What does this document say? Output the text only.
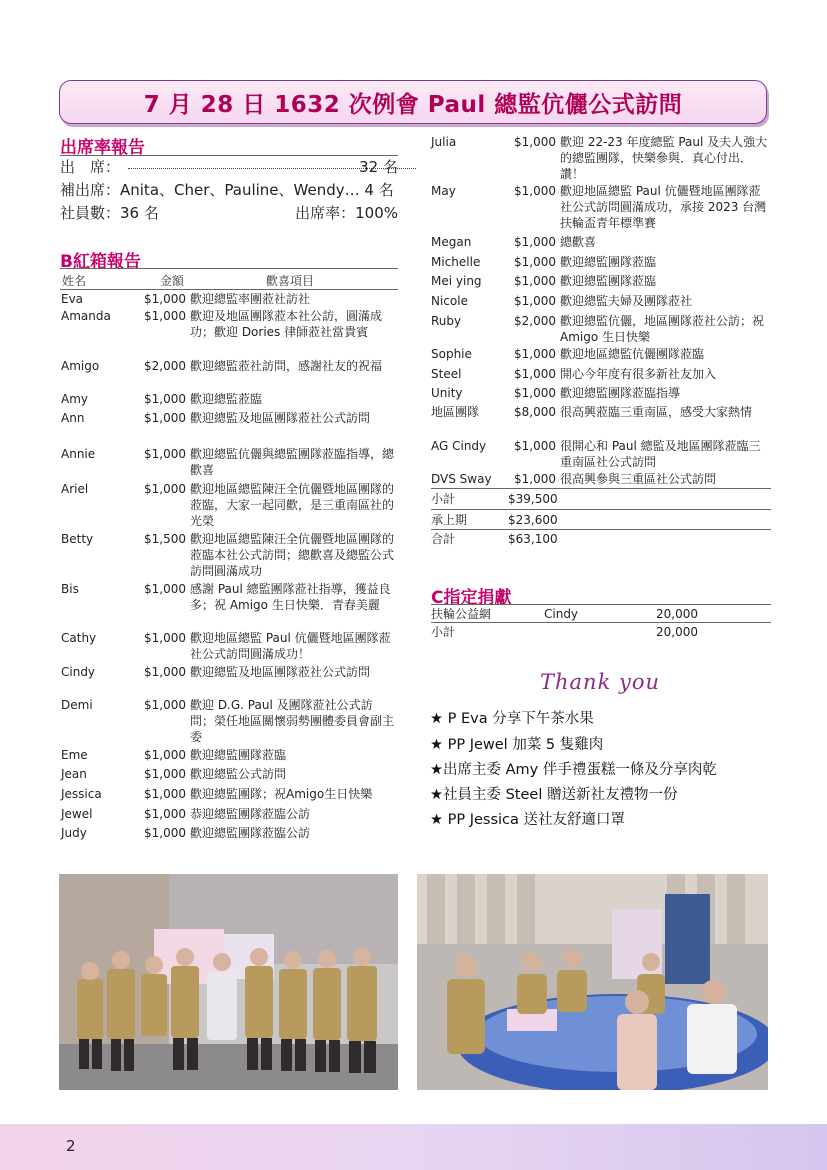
7 月 28 日 1632 次例會 Paul 總監伉儷公式訪問
出席率報告
出　席：	32 名
補出席：Anita、Cher、Pauline、Wendy… 4 名
社員數：36 名	出席率：100%
B紅箱報告
姓名	金額	歡喜項目
Eva	$1,000 歡迎總監率團蒞社訪社
Amanda	$1,000 歡迎及地區團隊蒞本社公訪，圓滿成功；歡迎 Dories 律師蒞社當貴賓
Amigo	$2,000 歡迎總監蒞社訪問，感謝社友的祝福
Amy	$1,000 歡迎總監蒞臨
Ann	$1,000 歡迎總監及地區團隊蒞社公式訪問
Annie	$1,000 歡迎總監伉儷與總監團隊蒞臨指導，總歡喜
Ariel	$1,000 歡迎地區總監陳汪全伉儷暨地區團隊的蒞臨，大家一起同歡，是三重南區社的光榮
Betty	$1,500 歡迎地區總監陳汪全伉儷暨地區團隊的蒞臨本社公式訪問；總歡喜及總監公式訪問圓滿成功
Bis	$1,000 感謝 Paul 總監團隊蒞社指導，獲益良多；祝 Amigo 生日快樂．青春美麗
Cathy	$1,000 歡迎地區總監 Paul 伉儷暨地區團隊蒞社公式訪問圓滿成功！
Cindy	$1,000 歡迎總監及地區團隊蒞社公式訪問
Demi	$1,000 歡迎 D.G. Paul 及團隊蒞社公式訪問；榮任地區關懷弱勢團體委員會副主委
Eme	$1,000 歡迎總監團隊蒞臨
Jean	$1,000 歡迎總監公式訪問
Jessica	$1,000 歡迎總監團隊；祝Amigo生日快樂
Jewel	$1,000 恭迎總監團隊蒞臨公訪
Judy	$1,000 歡迎總監團隊蒞臨公訪
Julia	$1,000 歡迎 22-23 年度總監 Paul 及夫人強大的總監團隊，快樂參與．真心付出．讚！
May	$1,000 歡迎地區總監 Paul 伉儷暨地區團隊蒞社公式訪問圓滿成功，承接 2023 台灣扶輪盃青年標準賽
Megan	$1,000 總歡喜
Michelle	$1,000 歡迎總監團隊蒞臨
Mei ying	$1,000 歡迎總監團隊蒞臨
Nicole	$1,000 歡迎總監夫婦及團隊蒞社
Ruby	$2,000 歡迎總監伉儷，地區團隊蒞社公訪；祝 Amigo 生日快樂
Sophie	$1,000 歡迎地區總監伉儷團隊蒞臨
Steel	$1,000 開心今年度有很多新社友加入
Unity	$1,000 歡迎總監團隊蒞臨指導
地區團隊	$8,000 很高興蒞臨三重南區，感受大家熱情
AG Cindy $1,000 很開心和 Paul 總監及地區團隊蒞臨三重南區社公式訪問
DVS Sway $1,000 很高興參與三重區社公式訪問
小計	$39,500
承上期	$23,600
合計	$63,100
C指定捐獻
扶輪公益網	Cindy	20,000
小計	20,000
Thank you
★ P Eva 分享下午茶水果
★ PP Jewel 加菜 5 隻雞肉
★出席主委 Amy 伴手禮蛋糕一條及分享肉乾
★社員主委 Steel 贈送新社友禮物一份
★ PP Jessica 送社友舒適口罩
2
